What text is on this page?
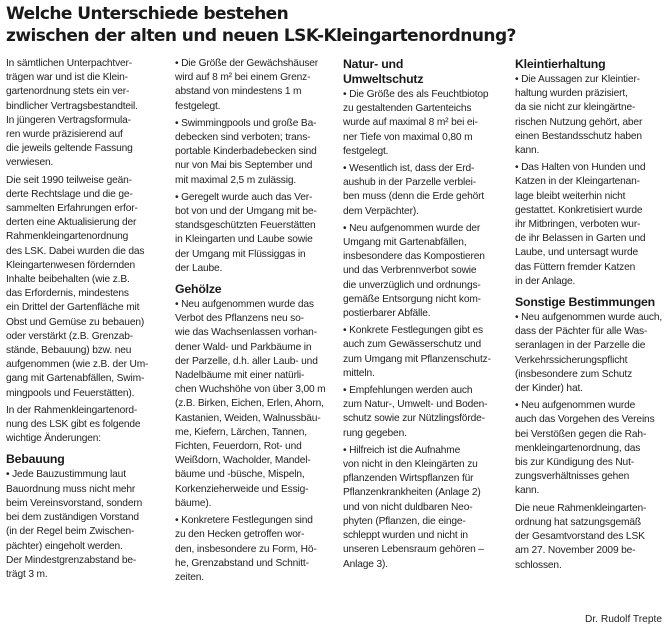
Welche Unterschiede bestehen
zwischen der alten und neuen LSK-Kleingartenordnung?

In sämtlichen Unterpachtver-
trägen war und ist die Klein-
gartenordnung stets ein ver-
bindlicher Vertragsbestandteil.
In jüngeren Vertragsformula-
ren wurde präzisierend auf
die jeweils geltende Fassung
verwiesen.

Die seit 1990 teilweise geän-
derte Rechtslage und die ge-
sammelten Erfahrungen erfor-
derten eine Aktualisierung der
Rahmenkleingartenordnung
des LSK. Dabei wurden die das
Kleingartenwesen fördernden
Inhalte beibehalten (wie z.B.
das Erfordernis, mindestens
ein Drittel der Gartenfläche mit
Obst und Gemüse zu bebauen)
oder verstärkt (z.B. Grenzab-
stände, Bebauung) bzw. neu
aufgenommen (wie z.B. der Um-
gang mit Gartenabfällen, Swim-
mingpools und Feuerstätten).

In der Rahmenkleingartenord-
nung des LSK gibt es folgende
wichtige Änderungen:

Bebauung

• Jede Bauzustimmung laut
Bauordnung muss nicht mehr
beim Vereinsvorstand, sondern
bei dem zuständigen Vorstand
(in der Regel beim Zwischen-
pächter) eingeholt werden.
Der Mindestgrenzabstand be-
trägt 3 m.

• Die Größe der Gewächshäuser
wird auf 8 m² bei einem Grenz-
abstand von mindestens 1 m
festgelegt.

• Swimmingpools und große Ba-
debecken sind verboten; trans-
portable Kinderbadebecken sind
nur von Mai bis September und
mit maximal 2,5 m zulässig.

• Geregelt wurde auch das Ver-
bot von und der Umgang mit be-
standsgeschützten Feuerstätten
in Kleingarten und Laube sowie
der Umgang mit Flüssiggas in
der Laube.

Gehölze

• Neu aufgenommen wurde das
Verbot des Pflanzens neu so-
wie das Wachsenlassen vorhan-
dener Wald- und Parkbäume in
der Parzelle, d.h. aller Laub- und
Nadelbäume mit einer natürli-
chen Wuchshöhe von über 3,00 m
(z.B. Birken, Eichen, Erlen, Ahorn,
Kastanien, Weiden, Walnussbäu-
me, Kiefern, Lärchen, Tannen,
Fichten, Feuerdorn, Rot- und
Weißdorn, Wacholder, Mandel-
bäume und -büsche, Mispeln,
Korkenzieherweide und Essig-
bäume).

• Konkretere Festlegungen sind
zu den Hecken getroffen wor-
den, insbesondere zu Form, Hö-
he, Grenzabstand und Schnitt-
zeiten.

Natur- und
Umweltschutz

• Die Größe des als Feuchtbiotop
zu gestaltenden Gartenteichs
wurde auf maximal 8 m² bei ei-
ner Tiefe von maximal 0,80 m
festgelegt.

• Wesentlich ist, dass der Erd-
aushub in der Parzelle verblei-
ben muss (denn die Erde gehört
dem Verpächter).

• Neu aufgenommen wurde der
Umgang mit Gartenabfällen,
insbesondere das Kompostieren
und das Verbrennverbot sowie
die unverzüglich und ordnungs-
gemäße Entsorgung nicht kom-
postierbarer Abfälle.

• Konkrete Festlegungen gibt es
auch zum Gewässerschutz und
zum Umgang mit Pflanzenschutz-
mitteln.

• Empfehlungen werden auch
zum Natur-, Umwelt- und Boden-
schutz sowie zur Nützlingsförde-
rung gegeben.

• Hilfreich ist die Aufnahme
von nicht in den Kleingärten zu
pflanzenden Wirtspflanzen für
Pflanzenkrankheiten (Anlage 2)
und von nicht duldbaren Neo-
phyten (Pflanzen, die einge-
schleppt wurden und nicht in
unseren Lebensraum gehören –
Anlage 3).

Kleintierhaltung

• Die Aussagen zur Kleintier-
haltung wurden präzisiert,
da sie nicht zur kleingärtne-
rischen Nutzung gehört, aber
einen Bestandsschutz haben
kann.

• Das Halten von Hunden und
Katzen in der Kleingartenan-
lage bleibt weiterhin nicht
gestattet. Konkretisiert wurde
ihr Mitbringen, verboten wur-
de ihr Belassen in Garten und
Laube, und untersagt wurde
das Füttern fremder Katzen
in der Anlage.

Sonstige Bestimmungen

• Neu aufgenommen wurde auch,
dass der Pächter für alle Was-
seranlagen in der Parzelle die
Verkehrssicherungspflicht
(insbesondere zum Schutz
der Kinder) hat.

• Neu aufgenommen wurde
auch das Vorgehen des Vereins
bei Verstößen gegen die Rah-
menkleingartenordnung, das
bis zur Kündigung des Nut-
zungsverhältnisses gehen
kann.

Die neue Rahmenkleingarten-
ordnung hat satzungsgemäß
der Gesamtvorstand des LSK
am 27. November 2009 be-
schlossen.

Dr. Rudolf Trepte
